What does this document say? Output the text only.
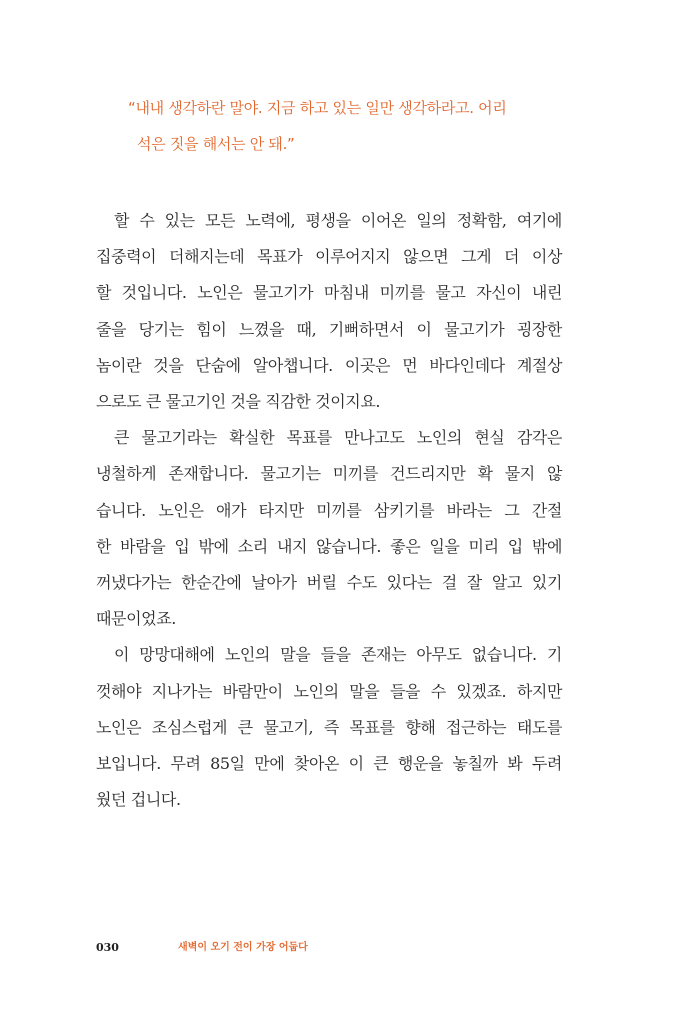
“내내 생각하란 말야. 지금 하고 있는 일만 생각하라고. 어리
석은 짓을 해서는 안 돼.”
할 수 있는 모든 노력에, 평생을 이어온 일의 정확함, 여기에
집중력이 더해지는데 목표가 이루어지지 않으면 그게 더 이상
할 것입니다. 노인은 물고기가 마침내 미끼를 물고 자신이 내린
줄을 당기는 힘이 느꼈을 때, 기뻐하면서 이 물고기가 굉장한
놈이란 것을 단숨에 알아챕니다. 이곳은 먼 바다인데다 계절상
으로도 큰 물고기인 것을 직감한 것이지요.
큰 물고기라는 확실한 목표를 만나고도 노인의 현실 감각은
냉철하게 존재합니다. 물고기는 미끼를 건드리지만 확 물지 않
습니다. 노인은 애가 타지만 미끼를 삼키기를 바라는 그 간절
한 바람을 입 밖에 소리 내지 않습니다. 좋은 일을 미리 입 밖에
꺼냈다가는 한순간에 날아가 버릴 수도 있다는 걸 잘 알고 있기
때문이었죠.
이 망망대해에 노인의 말을 들을 존재는 아무도 없습니다. 기
껏해야 지나가는 바람만이 노인의 말을 들을 수 있겠죠. 하지만
노인은 조심스럽게 큰 물고기, 즉 목표를 향해 접근하는 태도를
보입니다. 무려 85일 만에 찾아온 이 큰 행운을 놓칠까 봐 두려
웠던 겁니다.
030	새벽이 오기 전이 가장 어둡다
